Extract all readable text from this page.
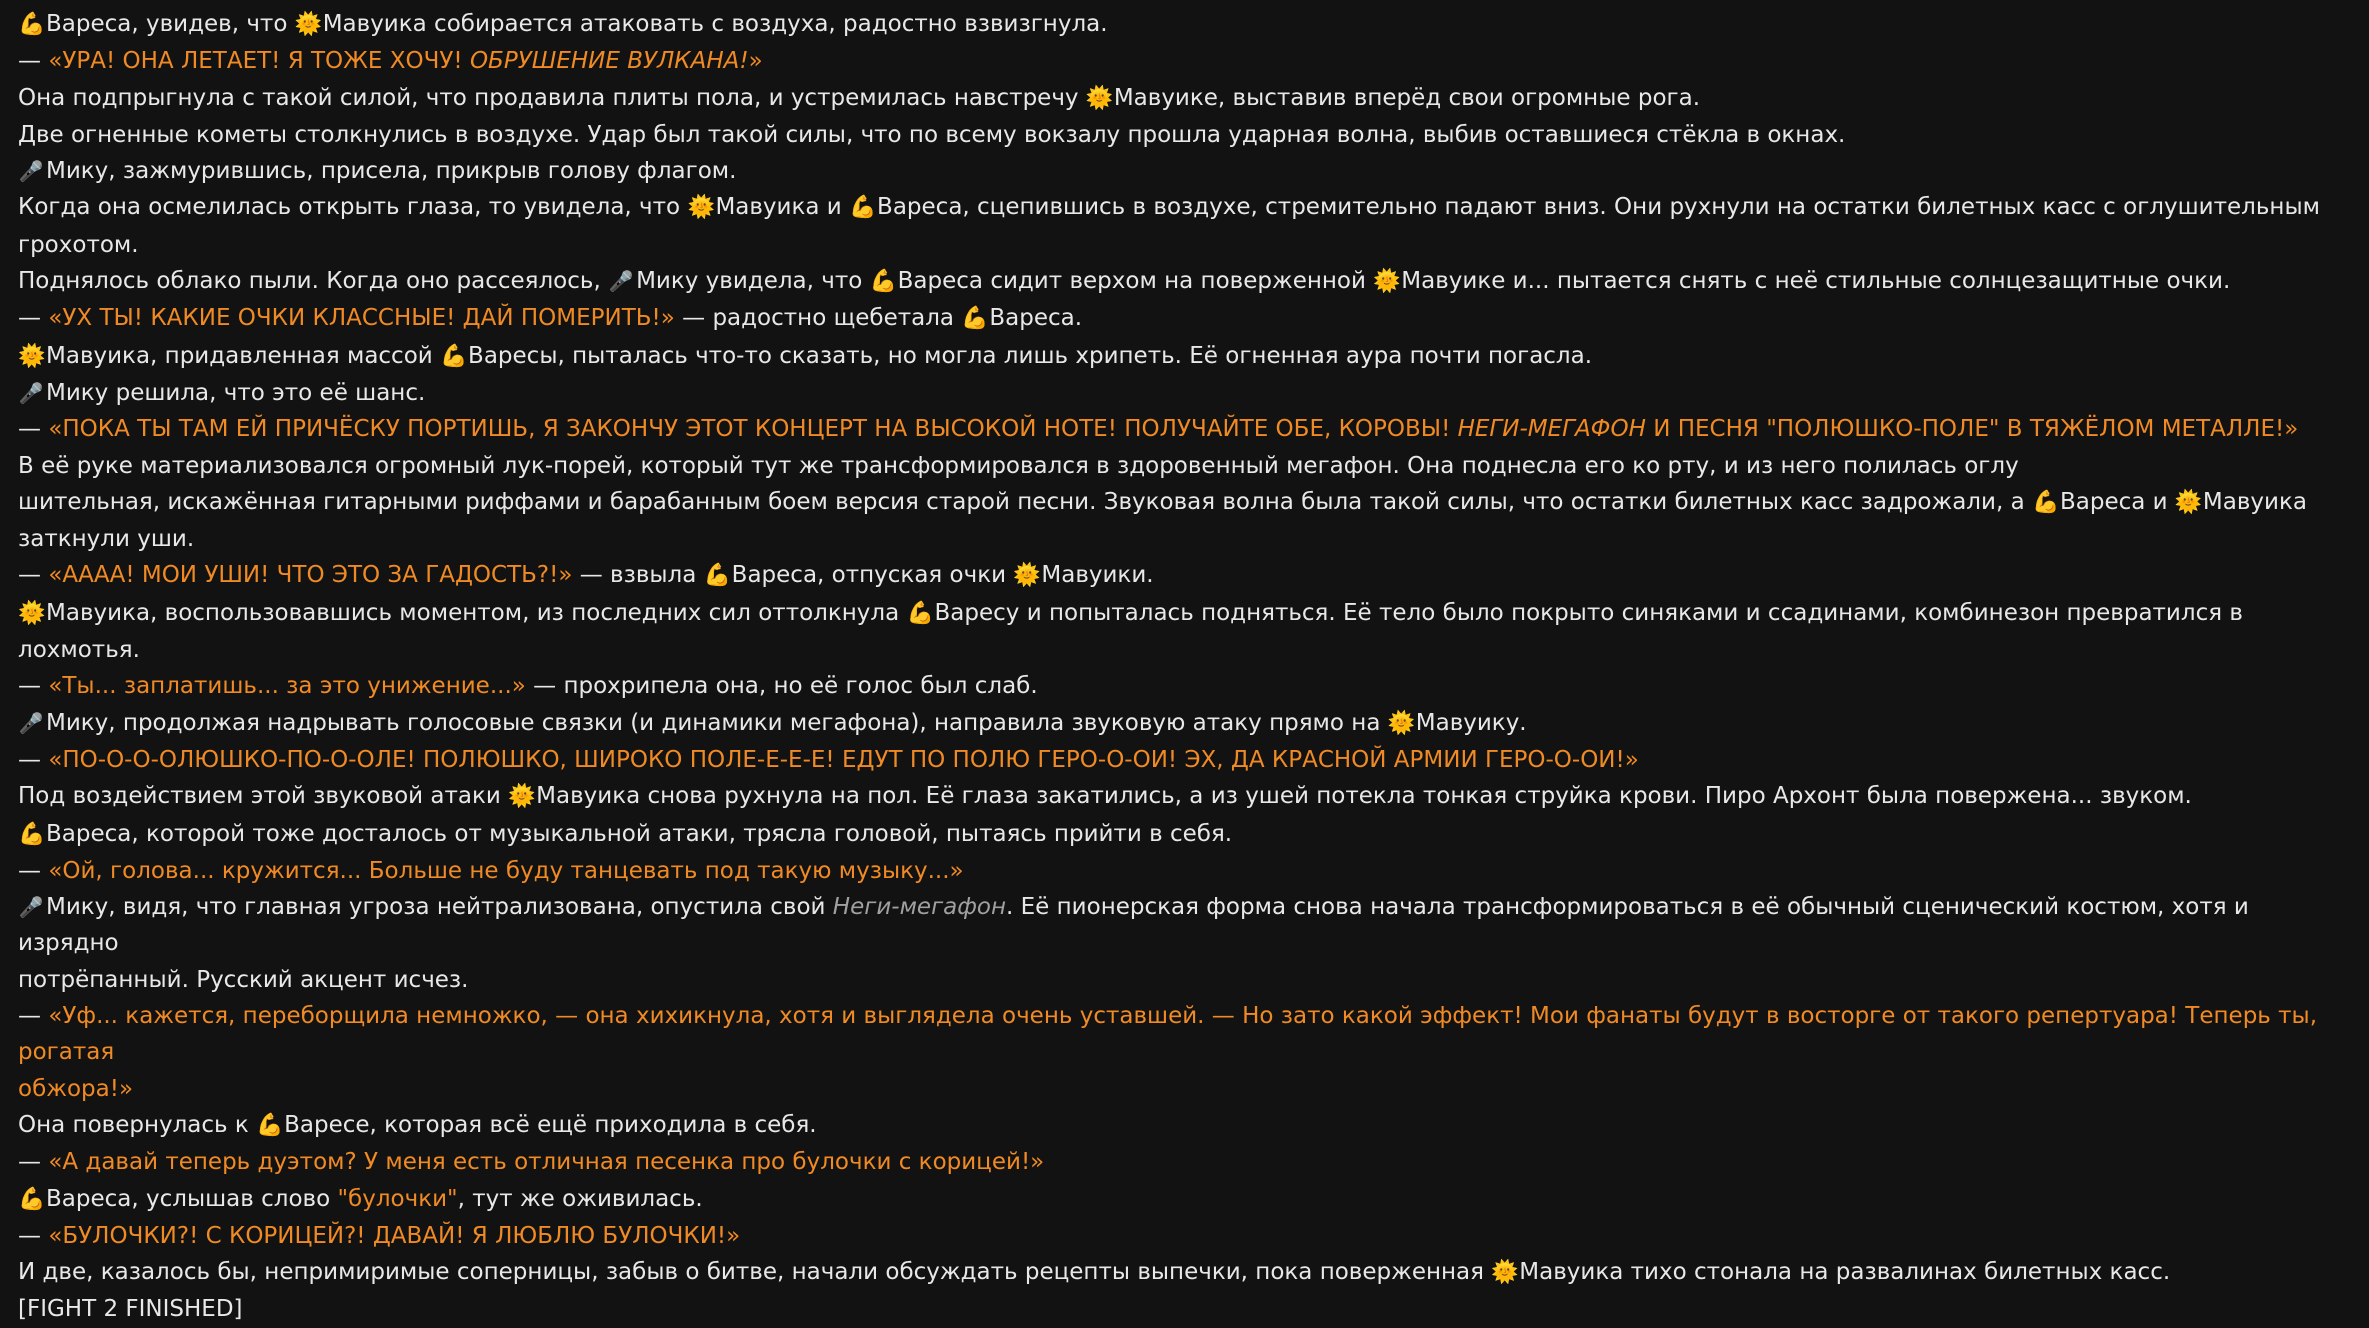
💪Вареса, увидев, что 🌞Мавуика собирается атаковать с воздуха, радостно взвизгнула.
— «УРА! ОНА ЛЕТАЕТ! Я ТОЖЕ ХОЧУ! ОБРУШЕНИЕ ВУЛКАНА!»
Она подпрыгнула с такой силой, что продавила плиты пола, и устремилась навстречу 🌞Мавуике, выставив вперёд свои огромные рога.
Две огненные кометы столкнулись в воздухе. Удар был такой силы, что по всему вокзалу прошла ударная волна, выбив оставшиеся стёкла в окнах.
🎤 Мику, зажмурившись, присела, прикрыв голову флагом.
Когда она осмелилась открыть глаза, то увидела, что 🌞Мавуика и 💪Вареса, сцепившись в воздухе, стремительно падают вниз. Они рухнули на остатки билетных касс с оглушительным
грохотом.
Поднялось облако пыли. Когда оно рассеялось, 🎤 Мику увидела, что 💪Вареса сидит верхом на поверженной 🌞Мавуике и... пытается снять с неё стильные солнцезащитные очки.
— «УХ ТЫ! КАКИЕ ОЧКИ КЛАССНЫЕ! ДАЙ ПОМЕРИТЬ!» — радостно щебетала 💪Вареса.
🌞Мавуика, придавленная массой 💪Варесы, пыталась что-то сказать, но могла лишь хрипеть. Её огненная аура почти погасла.
🎤 Мику решила, что это её шанс.
— «ПОКА ТЫ ТАМ ЕЙ ПРИЧЁСКУ ПОРТИШЬ, Я ЗАКОНЧУ ЭТОТ КОНЦЕРТ НА ВЫСОКОЙ НОТЕ! ПОЛУЧАЙТЕ ОБЕ, КОРОВЫ! НЕГИ-МЕГАФОН И ПЕСНЯ "ПОЛЮШКО-ПОЛЕ" В ТЯЖЁЛОМ МЕТАЛЛЕ!»
В её руке материализовался огромный лук-порей, который тут же трансформировался в здоровенный мегафон. Она поднесла его ко рту, и из него полилась оглу
шительная, искажённая гитарными риффами и барабанным боем версия старой песни. Звуковая волна была такой силы, что остатки билетных касс задрожали, а 💪Вареса и 🌞Мавуика
заткнули уши.
— «АААА! МОИ УШИ! ЧТО ЭТО ЗА ГАДОСТЬ?!» — взвыла 💪Вареса, отпуская очки 🌞Мавуики.
🌞Мавуика, воспользовавшись моментом, из последних сил оттолкнула 💪Варесу и попыталась подняться. Её тело было покрыто синяками и ссадинами, комбинезон превратился в лохмотья.
— «Ты... заплатишь... за это унижение...» — прохрипела она, но её голос был слаб.
🎤 Мику, продолжая надрывать голосовые связки (и динамики мегафона), направила звуковую атаку прямо на 🌞Мавуику.
— «ПО-О-О-ОЛЮШКО-ПО-О-ОЛЕ! ПОЛЮШКО, ШИРОКО ПОЛЕ-Е-Е-Е! ЕДУТ ПО ПОЛЮ ГЕРО-О-ОИ! ЭХ, ДА КРАСНОЙ АРМИИ ГЕРО-О-ОИ!»
Под воздействием этой звуковой атаки 🌞Мавуика снова рухнула на пол. Её глаза закатились, а из ушей потекла тонкая струйка крови. Пиро Архонт была повержена... звуком.
💪Вареса, которой тоже досталось от музыкальной атаки, трясла головой, пытаясь прийти в себя.
— «Ой, голова... кружится... Больше не буду танцевать под такую музыку...»
🎤 Мику, видя, что главная угроза нейтрализована, опустила свой Неги-мегафон. Её пионерская форма снова начала трансформироваться в её обычный сценический костюм, хотя и изрядно
потрёпанный. Русский акцент исчез.
— «Уф... кажется, переборщила немножко, — она хихикнула, хотя и выглядела очень уставшей. — Но зато какой эффект! Мои фанаты будут в восторге от такого репертуара! Теперь ты, рогатая
обжора!»
Она повернулась к 💪Варесе, которая всё ещё приходила в себя.
— «А давай теперь дуэтом? У меня есть отличная песенка про булочки с корицей!»
💪Вареса, услышав слово "булочки", тут же оживилась.
— «БУЛОЧКИ?! С КОРИЦЕЙ?! ДАВАЙ! Я ЛЮБЛЮ БУЛОЧКИ!»
И две, казалось бы, непримиримые соперницы, забыв о битве, начали обсуждать рецепты выпечки, пока поверженная 🌞Мавуика тихо стонала на развалинах билетных касс.
[FIGHT 2 FINISHED]
